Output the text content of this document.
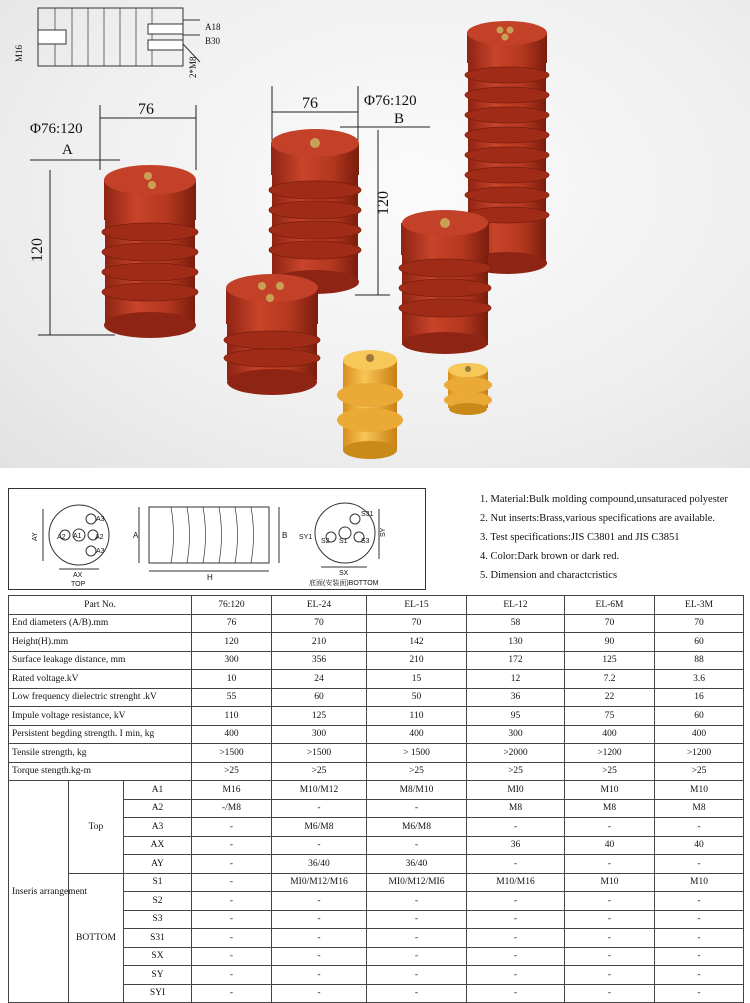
M16
A18
B30
2*M8
76
Φ76:120
A
120
76	Φ76:120
B
120
A3
A1
A2	A2
A3
AY
AX
TOP
A	B
H
S31
S1
S2	S3
SY1
SY
SX
底面(安装面)BOTTOM
1. Material:Bulk molding compound,unsaturaced polyester
2. Nut inserts:Brass,various specifications are available.
3. Test specifications:JIS C3801 and JIS C3851
4. Color:Dark brown or dark red.
5. Dimension and charactcristics
Part No.			76:120	EL-24	EL-15	EL-12	EL-6M	EL-3M
End diameters (A/B).mm			76	70	70	58	70	70
Height(H).mm			120	210	142	130	90	60
Surface leakage distance, mm			300	356	210	172	125	88
Rated voltage.kV			10	24	15	12	7.2	3.6
Low frequency dielectric strenght .kV			55	60	50	36	22	16
Impule voltage resistance, kV			110	125	110	95	75	60
Persistent begding strength. I min, kg			400	300	400	300	400	400
Tensile strength, kg			>1500	>1500	> 1500	>2000	>1200	>1200
Torque stength.kg-m			>25	>25	>25	>25	>25	>25
Inseris arrangement	Top	A1	M16	M10/M12	M8/M10	MI0	M10	M10
		A2	-/M8	-	-	M8	M8	M8
		A3	-	M6/M8	M6/M8	-	-	-
		AX	-	-	-	36	40	40
		AY	-	36/40	36/40	-	-	-
	BOTTOM	S1	-	MI0/M12/M16	MI0/M12/MI6	M10/M16	M10	M10
		S2	-	-	-	-	-	-
		S3	-	-	-	-	-	-
		S31	-	-	-	-	-	-
		SX	-	-	-	-	-	-
		SY	-	-	-	-	-	-
		SYI	-	-	-	-	-	-
